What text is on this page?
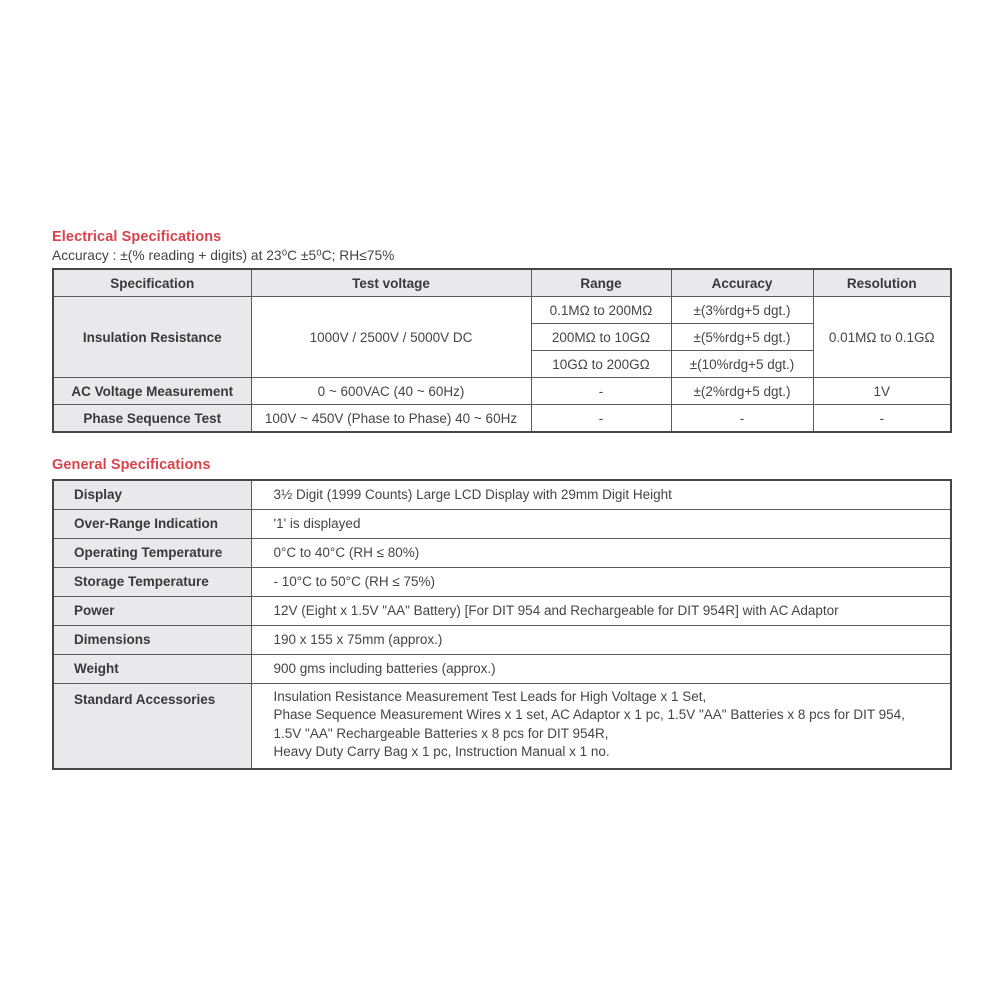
Electrical Specifications
Accuracy : ±(% reading + digits) at 23⁰C ±5⁰C; RH≤75%
Specification	Test voltage	Range	Accuracy	Resolution
Insulation Resistance	1000V / 2500V / 5000V DC	0.1MΩ to 200MΩ	±(3%rdg+5 dgt.)	0.01MΩ to 0.1GΩ
		200MΩ to 10GΩ	±(5%rdg+5 dgt.)	
		10GΩ to 200GΩ	±(10%rdg+5 dgt.)	
AC Voltage Measurement	0 ~ 600VAC (40 ~ 60Hz)	-	±(2%rdg+5 dgt.)	1V
Phase Sequence Test	100V ~ 450V (Phase to Phase) 40 ~ 60Hz	-	-	-
General Specifications
Display	3½ Digit (1999 Counts) Large LCD Display with 29mm Digit Height
Over-Range Indication	'1' is displayed
Operating Temperature	0°C to 40°C (RH ≤ 80%)
Storage Temperature	- 10°C to 50°C (RH ≤ 75%)
Power	12V (Eight x 1.5V "AA" Battery) [For DIT 954 and Rechargeable for DIT 954R] with AC Adaptor
Dimensions	190 x 155 x 75mm (approx.)
Weight	900 gms including batteries (approx.)
Standard Accessories	Insulation Resistance Measurement Test Leads for High Voltage x 1 Set,
Phase Sequence Measurement Wires x 1 set, AC Adaptor x 1 pc, 1.5V "AA" Batteries x 8 pcs for DIT 954,
1.5V "AA" Rechargeable Batteries x 8 pcs for DIT 954R,
Heavy Duty Carry Bag x 1 pc, Instruction Manual x 1 no.
